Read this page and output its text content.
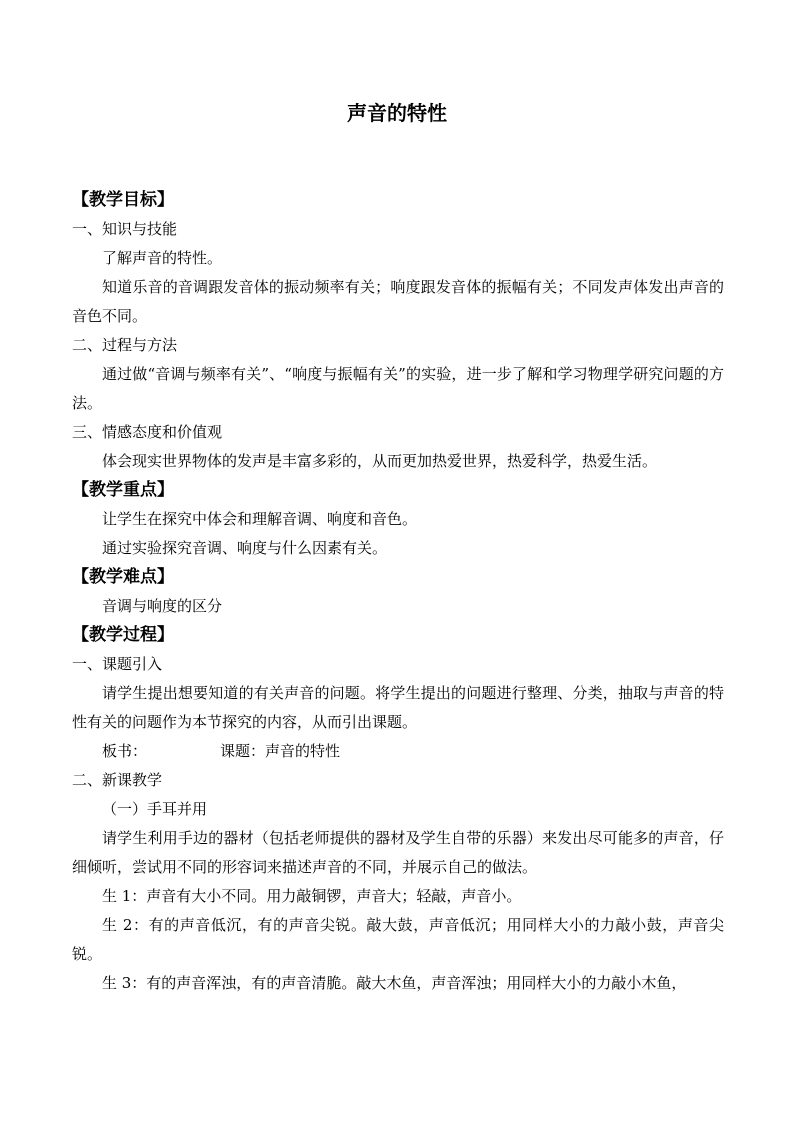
声音的特性
【教学目标】
一、知识与技能
了解声音的特性。
知道乐音的音调跟发音体的振动频率有关；响度跟发音体的振幅有关；不同发声体发出声音的音色不同。
二、过程与方法
通过做“音调与频率有关”、“响度与振幅有关”的实验，进一步了解和学习物理学研究问题的方法。
三、情感态度和价值观
体会现实世界物体的发声是丰富多彩的，从而更加热爱世界，热爱科学，热爱生活。
【教学重点】
让学生在探究中体会和理解音调、响度和音色。
通过实验探究音调、响度与什么因素有关。
【教学难点】
音调与响度的区分
【教学过程】
一、课题引入
请学生提出想要知道的有关声音的问题。将学生提出的问题进行整理、分类，抽取与声音的特性有关的问题作为本节探究的内容，从而引出课题。
板书：	课题：声音的特性
二、新课教学
（一）手耳并用
请学生利用手边的器材（包括老师提供的器材及学生自带的乐器）来发出尽可能多的声音，仔细倾听，尝试用不同的形容词来描述声音的不同，并展示自己的做法。
生 1：声音有大小不同。用力敲铜锣，声音大；轻敲，声音小。
生 2：有的声音低沉，有的声音尖锐。敲大鼓，声音低沉；用同样大小的力敲小鼓，声音尖锐。
生 3：有的声音浑浊，有的声音清脆。敲大木鱼，声音浑浊；用同样大小的力敲小木鱼，
